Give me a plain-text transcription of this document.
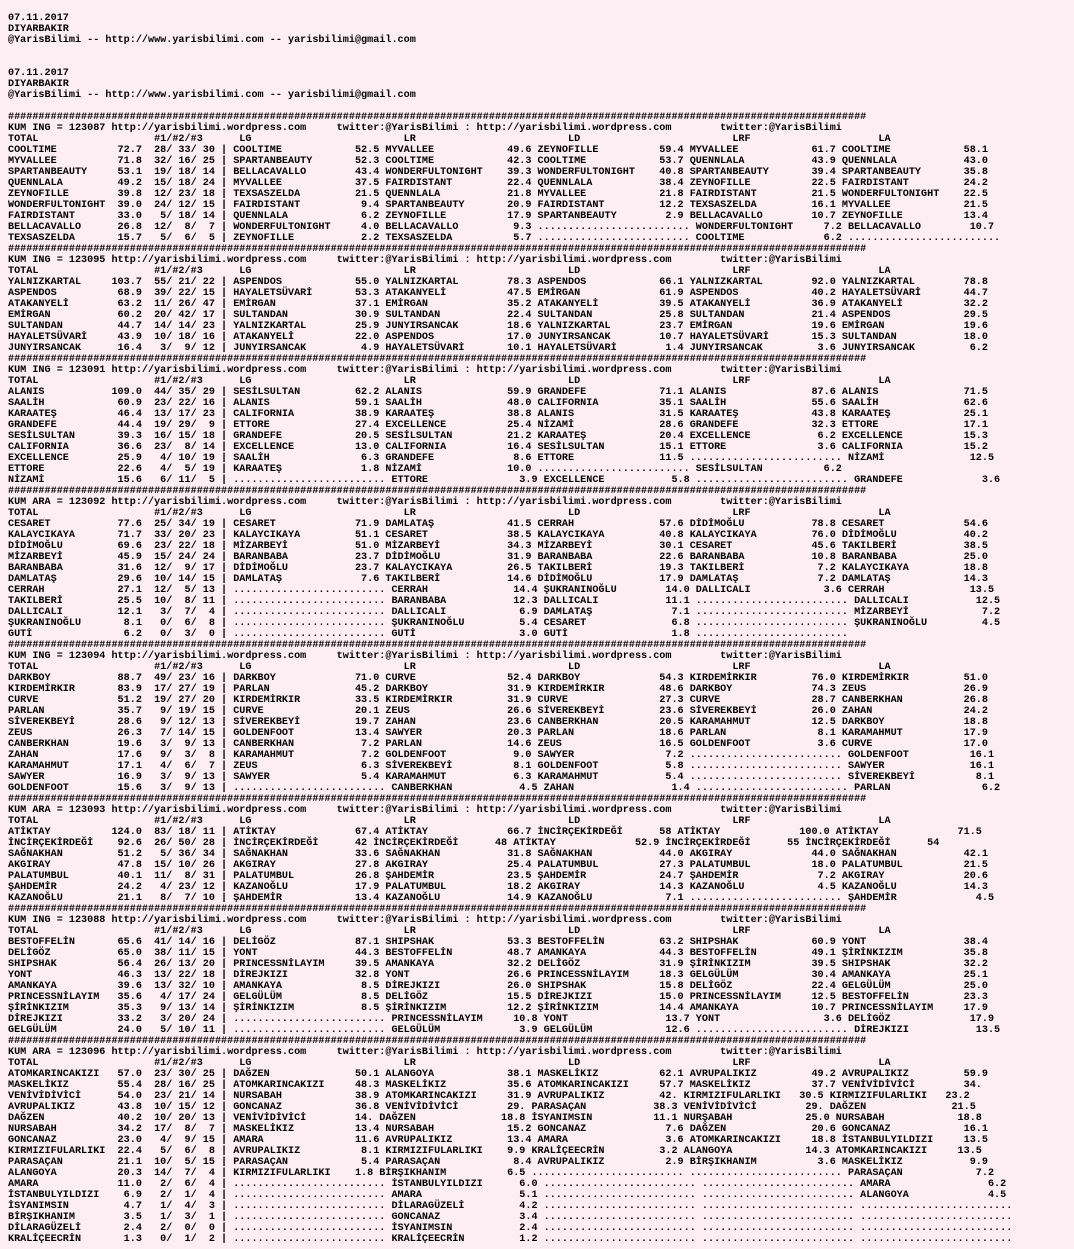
07.11.2017
DIYARBAKIR
@YarisBilimi -- http://www.yarisbilimi.com -- yarisbilimi@gmail.com
07.11.2017
DIYARBAKIR
@YarisBilimi -- http://www.yarisbilimi.com -- yarisbilimi@gmail.com
#############################################################################################################################################
KUM ING = 123087 http://yarisbilimi.wordpress.com     twitter:@YarisBilimi : http://yarisbilimi.wordpress.com        twitter:@YarisBilimi
TOTAL                   #1/#2/#3      LG                         LR                         LD                         LRF                     LA
COOLTIME          72.7  28/ 33/ 30 | COOLTIME            52.5 MYVALLEE            49.6 ZEYNOFILLE          59.4 MYVALLEE            61.7 COOLTIME            58.1
MYVALLEE          71.8  32/ 16/ 25 | SPARTANBEAUTY       52.3 COOLTIME            42.3 COOLTIME            53.7 QUENNLALA           43.9 QUENNLALA           43.0
SPARTANBEAUTY     53.1  19/ 18/ 14 | BELLACAVALLO        43.4 WONDERFULTONIGHT    39.3 WONDERFULTONIGHT    40.8 SPARTANBEAUTY       39.4 SPARTANBEAUTY       35.8
QUENNLALA         49.2  15/ 18/ 24 | MYVALLEE            37.5 FAIRDISTANT         22.4 QUENNLALA           38.4 ZEYNOFILLE          22.5 FAIRDISTANT         24.2
ZEYNOFILLE        39.8  12/ 23/ 18 | TEXSASZELDA         21.5 QUENNLALA           21.8 MYVALLEE            21.8 FAIRDISTANT         21.5 WONDERFULTONIGHT    22.5
WONDERFULTONIGHT  39.0  24/ 12/ 15 | FAIRDISTANT          9.4 SPARTANBEAUTY       20.9 FAIRDISTANT         12.2 TEXSASZELDA         16.1 MYVALLEE            21.5
FAIRDISTANT       33.0   5/ 18/ 14 | QUENNLALA            6.2 ZEYNOFILLE          17.9 SPARTANBEAUTY        2.9 BELLACAVALLO        10.7 ZEYNOFILLE          13.4
BELLACAVALLO      26.8  12/  8/  7 | WONDERFULTONIGHT     4.0 BELLACAVALLO         9.3 ......................... WONDERFULTONIGHT     7.2 BELLACAVALLO        10.7
TEXSASZELDA       15.7   5/  6/  5 | ZEYNOFILLE           2.2 TEXSASZELDA          5.7 ......................... COOLTIME             6.2 .........................
#############################################################################################################################################
KUM ING = 123095 http://yarisbilimi.wordpress.com     twitter:@YarisBilimi : http://yarisbilimi.wordpress.com        twitter:@YarisBilimi
TOTAL                   #1/#2/#3      LG                         LR                         LD                         LRF                     LA
YALNIZKARTAL     103.7  55/ 21/ 22 | ASPENDOS            55.0 YALNIZKARTAL        78.3 ASPENDOS            66.1 YALNIZKARTAL        92.0 YALNIZKARTAL        78.8
ASPENDOS          68.9  39/ 22/ 15 | HAYALETSÜVARİ       53.3 ATAKANYELİ          47.5 EMİRGAN             61.9 ASPENDOS            40.2 HAYALETSÜVARİ       44.7
ATAKANYELİ        63.2  11/ 26/ 47 | EMİRGAN             37.1 EMİRGAN             35.2 ATAKANYELİ          39.5 ATAKANYELİ          36.9 ATAKANYELİ          32.2
EMİRGAN           60.2  20/ 42/ 17 | SULTANDAN           30.9 SULTANDAN           22.4 SULTANDAN           25.8 SULTANDAN           21.4 ASPENDOS            29.5
SULTANDAN         44.7  14/ 14/ 23 | YALNIZKARTAL        25.9 JUNYIRSANCAK        18.6 YALNIZKARTAL        23.7 EMİRGAN             19.6 EMİRGAN             19.6
HAYALETSÜVARİ     43.9  10/ 18/ 16 | ATAKANYELİ          22.0 ASPENDOS            17.0 JUNYIRSANCAK        10.7 HAYALETSÜVARİ       15.3 SULTANDAN           18.0
JUNYIRSANCAK      16.4   3/  9/ 12 | JUNYIRSANCAK         4.9 HAYALETSÜVARİ       10.1 HAYALETSÜVARİ        1.4 JUNYIRSANCAK         3.6 JUNYIRSANCAK         6.2
#############################################################################################################################################
KUM ING = 123091 http://yarisbilimi.wordpress.com     twitter:@YarisBilimi : http://yarisbilimi.wordpress.com        twitter:@YarisBilimi
TOTAL                   #1/#2/#3      LG                         LR                         LD                         LRF                     LA
ALANIS           109.0  44/ 35/ 29 | SESİLSULTAN         62.2 ALANIS              59.9 GRANDEFE            71.1 ALANIS              87.6 ALANIS              71.5
SAALİH            60.9  23/ 22/ 16 | ALANIS              59.1 SAALİH              48.0 CALIFORNIA          35.1 SAALİH              55.6 SAALİH              62.6
KARAATEŞ          46.4  13/ 17/ 23 | CALIFORNIA          38.9 KARAATEŞ            38.8 ALANIS              31.5 KARAATEŞ            43.8 KARAATEŞ            25.1
GRANDEFE          44.4  19/ 29/  9 | ETTORE              27.4 EXCELLENCE          25.4 NİZAMİ              28.6 GRANDEFE            32.3 ETTORE              17.1
SESİLSULTAN       39.3  16/ 15/ 18 | GRANDEFE            20.5 SESİLSULTAN         21.2 KARAATEŞ            20.4 EXCELLENCE           6.2 EXCELLENCE          15.3
CALIFORNIA        36.6  23/  8/ 14 | EXCELLENCE          13.0 CALIFORNIA          16.4 SESİLSULTAN         15.1 ETTORE               3.6 CALIFORNIA          15.2
EXCELLENCE        25.9   4/ 10/ 19 | SAALİH               6.3 GRANDEFE             8.6 ETTORE              11.5 ......................... NİZAMİ              12.5
ETTORE            22.6   4/  5/ 19 | KARAATEŞ             1.8 NİZAMİ              10.0 ......................... SESİLSULTAN          6.2
NİZAMİ            15.6   6/ 11/  5 | ......................... ETTORE               3.9 EXCELLENCE           5.8 ......................... GRANDEFE             3.6
#############################################################################################################################################
KUM ARA = 123092 http://yarisbilimi.wordpress.com     twitter:@YarisBilimi : http://yarisbilimi.wordpress.com        twitter:@YarisBilimi
TOTAL                   #1/#2/#3      LG                         LR                         LD                         LRF                     LA
CESARET           77.6  25/ 34/ 19 | CESARET             71.9 DAMLATAŞ            41.5 CERRAH              57.6 DİDİMOĞLU           78.8 CESARET             54.6
KALAYCIKAYA       71.7  33/ 20/ 23 | KALAYCIKAYA         51.1 CESARET             38.5 KALAYCIKAYA         40.8 KALAYCIKAYA         76.0 DİDİMOĞLU           40.2
DİDİMOĞLU         69.6  23/ 22/ 18 | MİZARBEYİ           51.0 MİZARBEYİ           34.3 MİZARBEYİ           30.1 CESARET             45.6 TAKILBERİ           38.5
MİZARBEYİ         45.9  15/ 24/ 24 | BARANBABA           23.7 DİDİMOĞLU           31.9 BARANBABA           22.6 BARANBABA           10.8 BARANBABA           25.0
BARANBABA         31.6  12/  9/ 17 | DİDİMOĞLU           23.7 KALAYCIKAYA         26.5 TAKILBERİ           19.3 TAKILBERİ            7.2 KALAYCIKAYA         18.8
DAMLATAŞ          29.6  10/ 14/ 15 | DAMLATAŞ             7.6 TAKILBERİ           14.6 DİDİMOĞLU           17.9 DAMLATAŞ             7.2 DAMLATAŞ            14.3
CERRAH            27.1  12/  5/ 13 | ......................... CERRAH              14.4 ŞUKRANINOĞLU        14.0 DALLICALI            3.6 CERRAH              13.5
TAKILBERİ         25.5  10/  8/ 11 | ......................... BARANBABA           12.3 DALLICALI           11.1 ......................... DALLICALI           12.5
DALLICALI         12.1   3/  7/  4 | ......................... DALLICALI            6.9 DAMLATAŞ             7.1 ......................... MİZARBEYİ            7.2
ŞUKRANINOĞLU       8.1   0/  6/  8 | ......................... ŞUKRANINOĞLU         5.4 CESARET              6.8 ......................... ŞUKRANINOĞLU         4.5
GUTİ               6.2   0/  3/  0 | ......................... GUTİ                 3.0 GUTİ                 1.8 .........................
#############################################################################################################################################
KUM ING = 123094 http://yarisbilimi.wordpress.com     twitter:@YarisBilimi : http://yarisbilimi.wordpress.com        twitter:@YarisBilimi
TOTAL                   #1/#2/#3      LG                         LR                         LD                         LRF                     LA
DARKBOY           88.7  49/ 23/ 16 | DARKBOY             71.0 CURVE               52.4 DARKBOY             54.3 KIRDEMİRKIR         76.0 KIRDEMİRKIR         51.0
KIRDEMİRKIR       83.9  17/ 27/ 19 | PARLAN              45.2 DARKBOY             31.9 KIRDEMİRKIR         48.6 DARKBOY             74.3 ZEUS                26.9
CURVE             51.2  19/ 27/ 20 | KIRDEMİRKIR         33.5 KIRDEMİRKIR         31.9 CURVE               27.3 CURVE               28.7 CANBERKHAN          26.8
PARLAN            35.7   9/ 19/ 15 | CURVE               20.1 ZEUS                26.6 SİVEREKBEYİ         23.6 SİVEREKBEYİ         26.0 ZAHAN               24.2
SİVEREKBEYİ       28.6   9/ 12/ 13 | SİVEREKBEYİ         19.7 ZAHAN               23.6 CANBERKHAN          20.5 KARAMAHMUT          12.5 DARKBOY             18.8
ZEUS              26.3   7/ 14/ 15 | GOLDENFOOT          13.4 SAWYER              20.3 PARLAN              18.6 PARLAN               8.1 KARAMAHMUT          17.9
CANBERKHAN        19.6   3/  9/ 13 | CANBERKHAN           7.2 PARLAN              14.6 ZEUS                16.5 GOLDENFOOT           3.6 CURVE               17.0
ZAHAN             17.6   9/  3/  8 | KARAMAHMUT           7.2 GOLDENFOOT           9.0 SAWYER               7.2 ......................... GOLDENFOOT          16.1
KARAMAHMUT        17.1   4/  6/  7 | ZEUS                 6.3 SİVEREKBEYİ          8.1 GOLDENFOOT           5.8 ......................... SAWYER              16.1
SAWYER            16.9   3/  9/ 13 | SAWYER               5.4 KARAMAHMUT           6.3 KARAMAHMUT           5.4 ......................... SİVEREKBEYİ          8.1
GOLDENFOOT        15.6   3/  9/ 13 | ......................... CANBERKHAN           4.5 ZAHAN                1.4 ......................... PARLAN               6.2
#############################################################################################################################################
KUM ARA = 123093 http://yarisbilimi.wordpress.com     twitter:@YarisBilimi : http://yarisbilimi.wordpress.com        twitter:@YarisBilimi
TOTAL                   #1/#2/#3      LG                         LR                         LD                         LRF                     LA
ATİKTAY          124.0  83/ 18/ 11 | ATİKTAY             67.4 ATİKTAY             66.7 İNCİRÇEKİRDEĞİ      58 ATİKTAY             100.0 ATİKTAY             71.5
İNCİRÇEKİRDEĞİ    92.6  26/ 50/ 28 | İNCİRÇEKİRDEĞİ      42 İNCİRÇEKİRDEĞİ      48 ATİKTAY             52.9 İNCİRÇEKİRDEĞİ      55 İNCİRÇEKİRDEĞİ      54
SAĞNAKHAN         51.2   5/ 36/ 34 | SAĞNAKHAN           33.6 SAĞNAKHAN           31.8 SAĞNAKHAN           44.0 AKGIRAY             44.0 SAĞNAKHAN           42.1
AKGIRAY           47.8  15/ 10/ 26 | AKGIRAY             27.8 AKGIRAY             25.4 PALATUMBUL          27.3 PALATUMBUL          18.0 PALATUMBUL          21.5
PALATUMBUL        40.1  11/  8/ 31 | PALATUMBUL          26.8 ŞAHDEMİR            23.5 ŞAHDEMİR            24.7 ŞAHDEMİR             7.2 AKGIRAY             20.6
ŞAHDEMİR          24.2   4/ 23/ 12 | KAZANOĞLU           17.9 PALATUMBUL          18.2 AKGIRAY             14.3 KAZANOĞLU            4.5 KAZANOĞLU           14.3
KAZANOĞLU         21.1   8/  7/ 10 | ŞAHDEMİR            13.4 KAZANOĞLU           14.9 KAZANOĞLU            7.1 ......................... ŞAHDEMİR             4.5
#############################################################################################################################################
KUM ING = 123088 http://yarisbilimi.wordpress.com     twitter:@YarisBilimi : http://yarisbilimi.wordpress.com        twitter:@YarisBilimi
TOTAL                   #1/#2/#3      LG                         LR                         LD                         LRF                     LA
BESTOFFELİN       65.6  41/ 14/ 16 | DELİGÖZ             87.1 SHIPSHAK            53.3 BESTOFFELİN         63.2 SHIPSHAK            60.9 YONT                38.4
DELİGÖZ           65.0  38/ 11/ 15 | YONT                44.3 BESTOFFELİN         48.7 AMANKAYA            44.3 BESTOFFELİN         49.1 ŞİRİNKIZIM          35.8
SHIPSHAK          56.4  26/ 13/ 20 | PRINCESSNİLAYIM     39.5 AMANKAYA            32.2 DELİGÖZ             31.9 ŞİRİNKIZIM          39.5 SHIPSHAK            32.2
YONT              46.3  13/ 22/ 18 | DİREJKIZI           32.8 YONT                26.6 PRINCESSNİLAYIM     18.3 GELGÜLÜM            30.4 AMANKAYA            25.1
AMANKAYA          39.6  13/ 32/ 10 | AMANKAYA             8.5 DİREJKIZI           26.0 SHIPSHAK            15.8 DELİGÖZ             22.4 GELGÜLÜM            25.0
PRINCESSNİLAYIM   35.6   4/ 17/ 24 | GELGÜLÜM             8.5 DELİGÖZ             15.5 DİREJKIZI           15.0 PRINCESSNİLAYIM     12.5 BESTOFFELİN         23.3
ŞİRİNKIZIM        35.3   9/ 13/ 14 | ŞİRİNKIZIM           8.5 ŞİRİNKIZIM          12.2 ŞİRİNKIZIM          14.4 AMANKAYA            10.7 PRINCESSNİLAYIM     17.9
DİREJKIZI         33.2   3/ 20/ 24 | ......................... PRINCESSNİLAYIM     10.8 YONT                13.7 YONT                 3.6 DELİGÖZ             17.9
GELGÜLÜM          24.0   5/ 10/ 11 | ......................... GELGÜLÜM             3.9 GELGÜLÜM            12.6 ......................... DİREJKIZI           13.5
#############################################################################################################################################
KUM ARA = 123096 http://yarisbilimi.wordpress.com     twitter:@YarisBilimi : http://yarisbilimi.wordpress.com        twitter:@YarisBilimi
TOTAL                   #1/#2/#3      LG                         LR                         LD                         LRF                     LA
ATOMKARINCAKIZI   57.0  23/ 30/ 25 | DAĞZEN              50.1 ALANGOYA            38.1 MASKELİKIZ          62.1 AVRUPALIKIZ         49.2 AVRUPALIKIZ         59.9
MASKELİKIZ        55.4  28/ 16/ 25 | ATOMKARINCAKIZI     48.3 MASKELİKIZ          35.6 ATOMKARINCAKIZI     57.7 MASKELİKIZ          37.7 VENİVİDİVİCİ        34.
VENİVİDİVİCİ      54.0  23/ 21/ 14 | NURSABAH            38.9 ATOMKARINCAKIZI     31.9 AVRUPALIKIZ         42. KIRMIZIFULARLIKI   30.5 KIRMIZIFULARLIKI   23.2
AVRUPALIKIZ       43.8  10/ 15/ 12 | GONCANAZ            36.8 VENİVİDİVİCİ        29. PARASAÇAN           38.3 VENİVİDİVİCİ        29. DAĞZEN              21.5
DAĞZEN            40.2  10/ 20/ 13 | VENİVİDİVİCİ        14. DAĞZEN              18.8 İSYANIMSIN          11.1 NURŞABAH            25.0 NURSABAH            18.8
NURSABAH          34.2  17/  8/  7 | MASKELİKIZ          13.4 NURSABAH            15.2 GONCANAZ             7.6 DAĞZEN              20.6 GONCANAZ            16.1
GONCANAZ          23.0   4/  9/ 15 | AMARA               11.6 AVRUPALIKIZ         13.4 AMARA                3.6 ATOMKARINCAKIZI     18.8 İSTANBULYILDIZI     13.5
KIRMIZIFULARLIKI  22.4   5/  6/  8 | AVRUPALIKIZ          8.1 KIRMIZIFULARLIKI    9.9 KRALİÇEECRİN         3.2 ALANGOYA            14.3 ATOMKARINCAKIZI     13.5
PARASAÇAN         21.1  10/  5/ 15 | PARASAÇAN            5.4 PARASAÇAN            8.4 AVRUPALIKIZ          2.9 BİRŞIKHANIM          3.6 MASKELİKIZ           9.9
ALANGOYA          20.3  14/  7/  4 | KIRMIZIFULARLIKI    1.8 BİRŞIKHANIM          6.5 ......................... ......................... PARASAÇAN            7.2
AMARA             11.0   2/  6/  4 | ......................... İSTANBULYILDIZI      6.0 ......................... ......................... AMARA                6.2
İSTANBULYILDIZI    6.9   2/  1/  4 | ......................... AMARA                5.1 ......................... ......................... ALANGOYA             4.5
İSYANIMSIN         4.7   1/  4/  3 | ......................... DİLARAGÜZELİ         4.2 ......................... ......................... .........................
BİRŞIKHANIM        3.5   1/  3/  1 | ......................... GONCANAZ             3.4 ......................... ......................... .........................
DİLARAGÜZELİ       2.4   2/  0/  0 | ......................... İSYANIMSIN           2.4 ......................... ......................... .........................
KRALİÇEECRİN       1.3   0/  1/  2 | ......................... KRALİÇEECRİN         1.2 ......................... ......................... .........................
